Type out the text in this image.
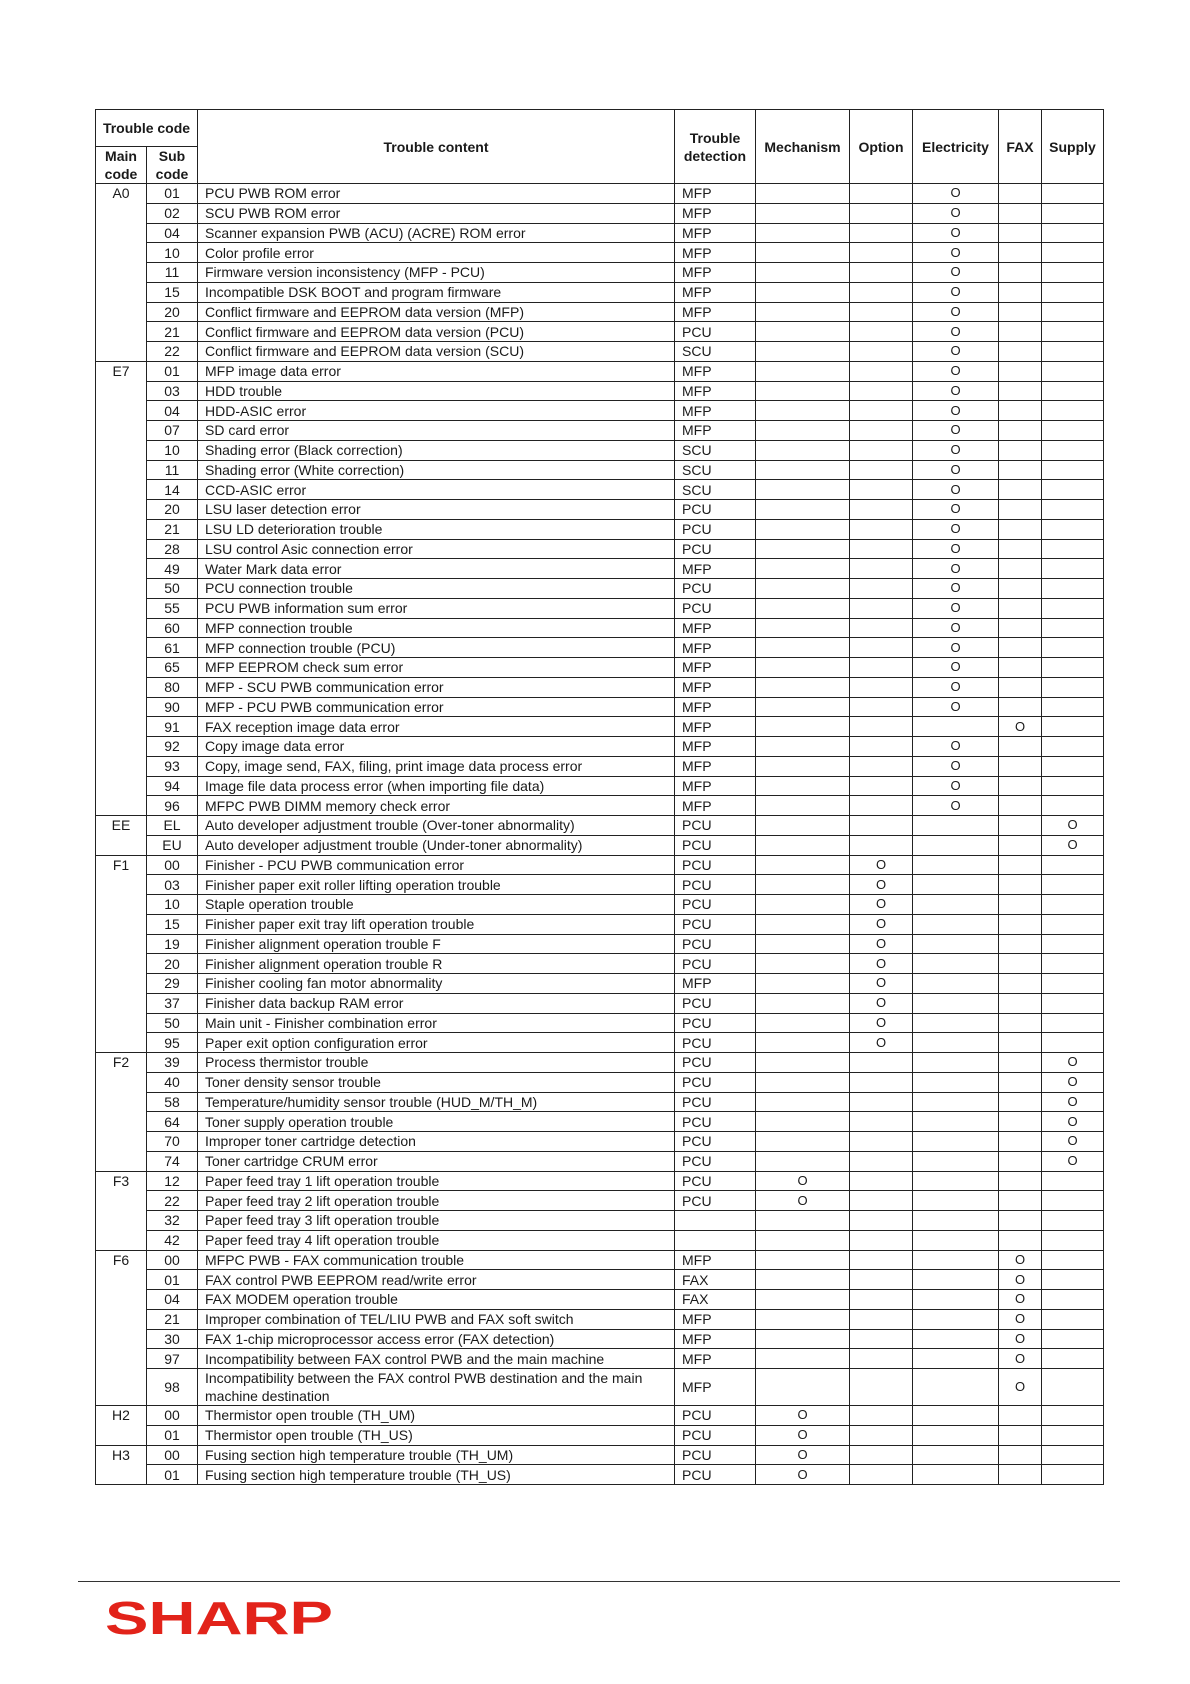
Trouble code		Trouble content	Trouble detection	Mechanism	Option	Electricity	FAX	Supply
Main code	Sub code							
A0	01	PCU PWB ROM error	MFP			O		
	02	SCU PWB ROM error	MFP			O		
	04	Scanner expansion PWB (ACU) (ACRE) ROM error	MFP			O		
	10	Color profile error	MFP			O		
	11	Firmware version inconsistency (MFP - PCU)	MFP			O		
	15	Incompatible DSK BOOT and program firmware	MFP			O		
	20	Conflict firmware and EEPROM data version (MFP)	MFP			O		
	21	Conflict firmware and EEPROM data version (PCU)	PCU			O		
	22	Conflict firmware and EEPROM data version (SCU)	SCU			O		
E7	01	MFP image data error	MFP			O		
	03	HDD trouble	MFP			O		
	04	HDD-ASIC error	MFP			O		
	07	SD card error	MFP			O		
	10	Shading error (Black correction)	SCU			O		
	11	Shading error (White correction)	SCU			O		
	14	CCD-ASIC error	SCU			O		
	20	LSU laser detection error	PCU			O		
	21	LSU LD deterioration trouble	PCU			O		
	28	LSU control Asic connection error	PCU			O		
	49	Water Mark data error	MFP			O		
	50	PCU connection trouble	PCU			O		
	55	PCU PWB information sum error	PCU			O		
	60	MFP connection trouble	MFP			O		
	61	MFP connection trouble (PCU)	MFP			O		
	65	MFP EEPROM check sum error	MFP			O		
	80	MFP - SCU PWB communication error	MFP			O		
	90	MFP - PCU PWB communication error	MFP			O		
	91	FAX reception image data error	MFP				O	
	92	Copy image data error	MFP			O		
	93	Copy, image send, FAX, filing, print image data process error	MFP			O		
	94	Image file data process error (when importing file data)	MFP			O		
	96	MFPC PWB DIMM memory check error	MFP			O		
EE	EL	Auto developer adjustment trouble (Over-toner abnormality)	PCU					O
	EU	Auto developer adjustment trouble (Under-toner abnormality)	PCU					O
F1	00	Finisher - PCU PWB communication error	PCU		O			
	03	Finisher paper exit roller lifting operation trouble	PCU		O			
	10	Staple operation trouble	PCU		O			
	15	Finisher paper exit tray lift operation trouble	PCU		O			
	19	Finisher alignment operation trouble F	PCU		O			
	20	Finisher alignment operation trouble R	PCU		O			
	29	Finisher cooling fan motor abnormality	MFP		O			
	37	Finisher data backup RAM error	PCU		O			
	50	Main unit - Finisher combination error	PCU		O			
	95	Paper exit option configuration error	PCU		O			
F2	39	Process thermistor trouble	PCU					O
	40	Toner density sensor trouble	PCU					O
	58	Temperature/humidity sensor trouble (HUD_M/TH_M)	PCU					O
	64	Toner supply operation trouble	PCU					O
	70	Improper toner cartridge detection	PCU					O
	74	Toner cartridge CRUM error	PCU					O
F3	12	Paper feed tray 1 lift operation trouble	PCU	O				
	22	Paper feed tray 2 lift operation trouble	PCU	O				
	32	Paper feed tray 3 lift operation trouble						
	42	Paper feed tray 4 lift operation trouble						
F6	00	MFPC PWB - FAX communication trouble	MFP				O	
	01	FAX control PWB EEPROM read/write error	FAX				O	
	04	FAX MODEM operation trouble	FAX				O	
	21	Improper combination of TEL/LIU PWB and FAX soft switch	MFP				O	
	30	FAX 1-chip microprocessor access error (FAX detection)	MFP				O	
	97	Incompatibility between FAX control PWB and the main machine	MFP				O	
	98	Incompatibility between the FAX control PWB destination and the main machine destination	MFP				O	
H2	00	Thermistor open trouble (TH_UM)	PCU	O				
	01	Thermistor open trouble (TH_US)	PCU	O				
H3	00	Fusing section high temperature trouble (TH_UM)	PCU	O				
	01	Fusing section high temperature trouble (TH_US)	PCU	O				
SHARP
